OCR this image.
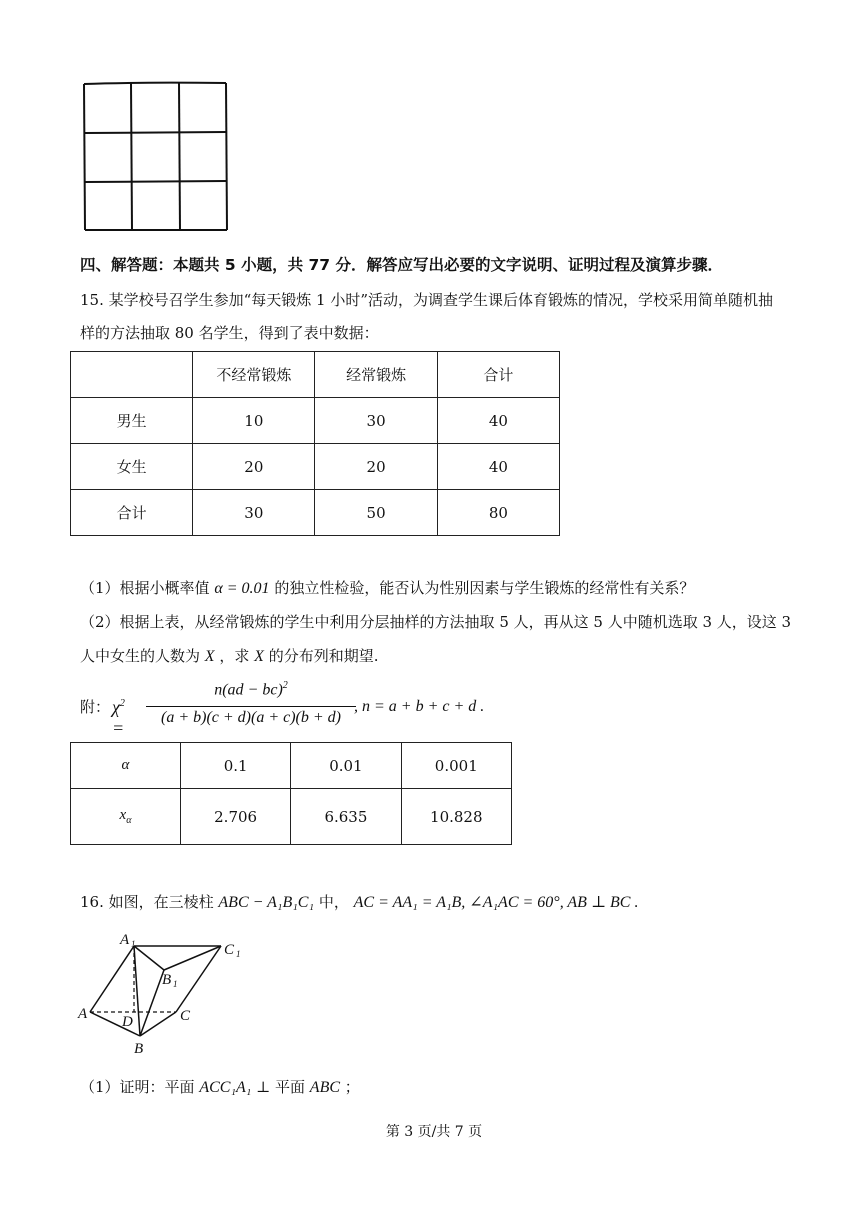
四、解答题：本题共 5 小题，共 77 分．解答应写出必要的文字说明、证明过程及演算步骤．
15. 某学校号召学生参加“每天锻炼 1 小时”活动，为调查学生课后体育锻炼的情况，学校采用简单随机抽
样的方法抽取 80 名学生，得到了表中数据：
	不经常锻炼	经常锻炼	合计
男生	10	30	40
女生	20	20	40
合计	30	50	80
（1）根据小概率值 α = 0.01 的独立性检验，能否认为性别因素与学生锻炼的经常性有关系？
（2）根据上表，从经常锻炼的学生中利用分层抽样的方法抽取 5 人，再从这 5 人中随机选取 3 人，设这 3
人中女生的人数为 X ，求 X 的分布列和期望.
附： $\chi^2$ =
n(ad − bc)$^2$
(a + b)(c + d)(a + c)(b + d)
, n = a + b + c + d .
α	0.1	0.01	0.001
$x_\alpha$	2.706	6.635	10.828
16. 如图，在三棱柱 ABC − A₁B₁C₁ 中， AC = AA₁ = A₁B, ∠A₁AC = 60°, AB ⊥ BC .
A 1	C 1
B 1
A D	C
B
（1）证明：平面 ACC₁A₁ ⊥ 平面 ABC ；
第 3 页/共 7 页
